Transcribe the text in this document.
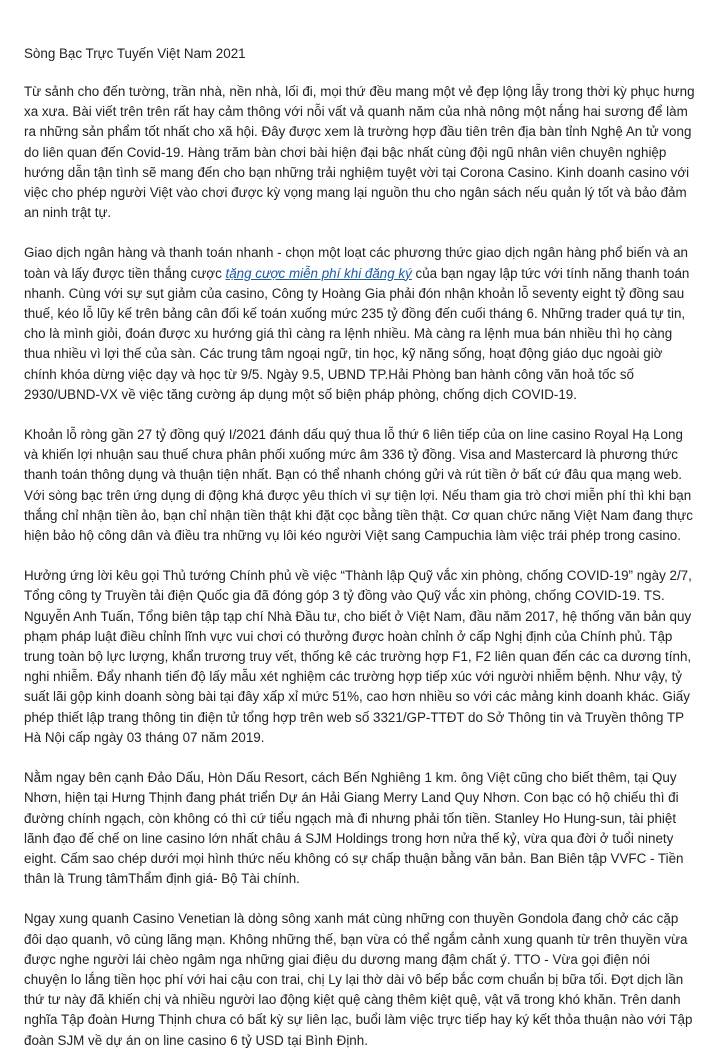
Sòng Bạc Trực Tuyến Việt Nam 2021

Từ sảnh cho đến tường, trần nhà, nền nhà, lối đi, mọi thứ đều mang một vẻ đẹp lộng lẫy trong thời kỳ phục hưng xa xưa. Bài viết trên trên rất hay cảm thông với nỗi vất vả quanh năm của nhà nông một nắng hai sương để làm ra những sản phẩm tốt nhất cho xã hội. Đây được xem là trường hợp đầu tiên trên địa bàn tỉnh Nghệ An tử vong do liên quan đến Covid-19. Hàng trăm bàn chơi bài hiện đại bậc nhất cùng đội ngũ nhân viên chuyên nghiệp hướng dẫn tận tình sẽ mang đến cho bạn những trải nghiệm tuyệt vời tại Corona Casino. Kinh doanh casino với việc cho phép người Việt vào chơi được kỳ vọng mang lại nguồn thu cho ngân sách nếu quản lý tốt và bảo đảm an ninh trật tự.

Giao dịch ngân hàng và thanh toán nhanh - chọn một loạt các phương thức giao dịch ngân hàng phổ biến và an toàn và lấy được tiền thắng cược tặng cược miễn phí khi đăng ký của bạn ngay lập tức với tính năng thanh toán nhanh. Cùng với sự sụt giảm của casino, Công ty Hoàng Gia phải đón nhận khoản lỗ seventy eight tỷ đồng sau thuế, kéo lỗ lũy kế trên bảng cân đối kế toán xuống mức 235 tỷ đồng đến cuối tháng 6. Những trader quá tự tin, cho là mình giỏi, đoán được xu hướng giá thì càng ra lệnh nhiều. Mà càng ra lệnh mua bán nhiều thì họ càng thua nhiều vì lợi thế của sàn. Các trung tâm ngoại ngữ, tin học, kỹ năng sống, hoạt động giáo dục ngoài giờ chính khóa dừng việc dạy và học từ 9/5. Ngày 9.5, UBND TP.Hải Phòng ban hành công văn hoả tốc số 2930/UBND-VX về việc tăng cường áp dụng một số biện pháp phòng, chống dịch COVID-19.

Khoản lỗ ròng gần 27 tỷ đồng quý I/2021 đánh dấu quý thua lỗ thứ 6 liên tiếp của on line casino Royal Hạ Long và khiến lợi nhuận sau thuế chưa phân phối xuống mức âm 336 tỷ đồng. Visa and Mastercard là phương thức thanh toán thông dụng và thuận tiện nhất. Bạn có thể nhanh chóng gửi và rút tiền ở bất cứ đâu qua mạng web. Với sòng bạc trên ứng dụng di động khá được yêu thích vì sự tiện lợi. Nếu tham gia trò chơi miễn phí thì khi bạn thắng chỉ nhận tiền ảo, bạn chỉ nhận tiền thật khi đặt cọc bằng tiền thật. Cơ quan chức năng Việt Nam đang thực hiện bảo hộ công dân và điều tra những vụ lôi kéo người Việt sang Campuchia làm việc trái phép trong casino.

Hưởng ứng lời kêu gọi Thủ tướng Chính phủ về việc “Thành lập Quỹ vắc xin phòng, chống COVID-19” ngày 2/7, Tổng công ty Truyền tải điện Quốc gia đã đóng góp 3 tỷ đồng vào Quỹ vắc xin phòng, chống COVID-19. TS. Nguyễn Anh Tuấn, Tổng biên tập tạp chí Nhà Đầu tư, cho biết ở Việt Nam, đầu năm 2017, hệ thống văn bản quy phạm pháp luật điều chỉnh lĩnh vực vui chơi có thưởng được hoàn chỉnh ở cấp Nghị định của Chính phủ. Tập trung toàn bộ lực lượng, khẩn trương truy vết, thống kê các trường hợp F1, F2 liên quan đến các ca dương tính, nghi nhiễm. Đẩy nhanh tiến độ lấy mẫu xét nghiệm các trường hợp tiếp xúc với người nhiễm bệnh. Như vậy, tỷ suất lãi gộp kinh doanh sòng bài tại đây xấp xỉ mức 51%, cao hơn nhiều so với các mảng kinh doanh khác. Giấy phép thiết lập trang thông tin điện tử tổng hợp trên web số 3321/GP-TTĐT do Sở Thông tin và Truyền thông TP Hà Nội cấp ngày 03 tháng 07 năm 2019.

Nằm ngay bên cạnh Đảo Dấu, Hòn Dấu Resort, cách Bến Nghiêng 1 km. ông Việt cũng cho biết thêm, tại Quy Nhơn, hiện tại Hưng Thịnh đang phát triển Dự án Hải Giang Merry Land Quy Nhơn. Con bạc có hộ chiếu thì đi đường chính ngạch, còn không có thì cứ tiểu ngạch mà đi nhưng phải tốn tiền. Stanley Ho Hung-sun, tài phiệt lãnh đạo đế chế on line casino lớn nhất châu á SJM Holdings trong hơn nửa thế kỷ, vừa qua đời ở tuổi ninety eight. Cấm sao chép dưới mọi hình thức nếu không có sự chấp thuận bằng văn bản. Ban Biên tập VVFC - Tiền thân là Trung tâmThẩm định giá- Bộ Tài chính.

Ngay xung quanh Casino Venetian là dòng sông xanh mát cùng những con thuyền Gondola đang chở các cặp đôi dạo quanh, vô cùng lãng mạn. Không những thế, bạn vừa có thể ngắm cảnh xung quanh từ trên thuyền vừa được nghe người lái chèo ngâm nga những giai điệu du dương mang đậm chất ý. TTO - Vừa gọi điện nói chuyện lo lắng tiền học phí với hai cậu con trai, chị Ly lại thờ dài vô bếp bắc cơm chuẩn bị bữa tối. Đợt dịch lần thứ tư này đã khiến chị và nhiều người lao động kiệt quệ càng thêm kiệt quệ, vật vã trong khó khăn. Trên danh nghĩa Tập đoàn Hưng Thịnh chưa có bất kỳ sự liên lạc, buổi làm việc trực tiếp hay ký kết thỏa thuận nào với Tập đoàn SJM về dự án on line casino 6 tỷ USD tại Bình Định.
